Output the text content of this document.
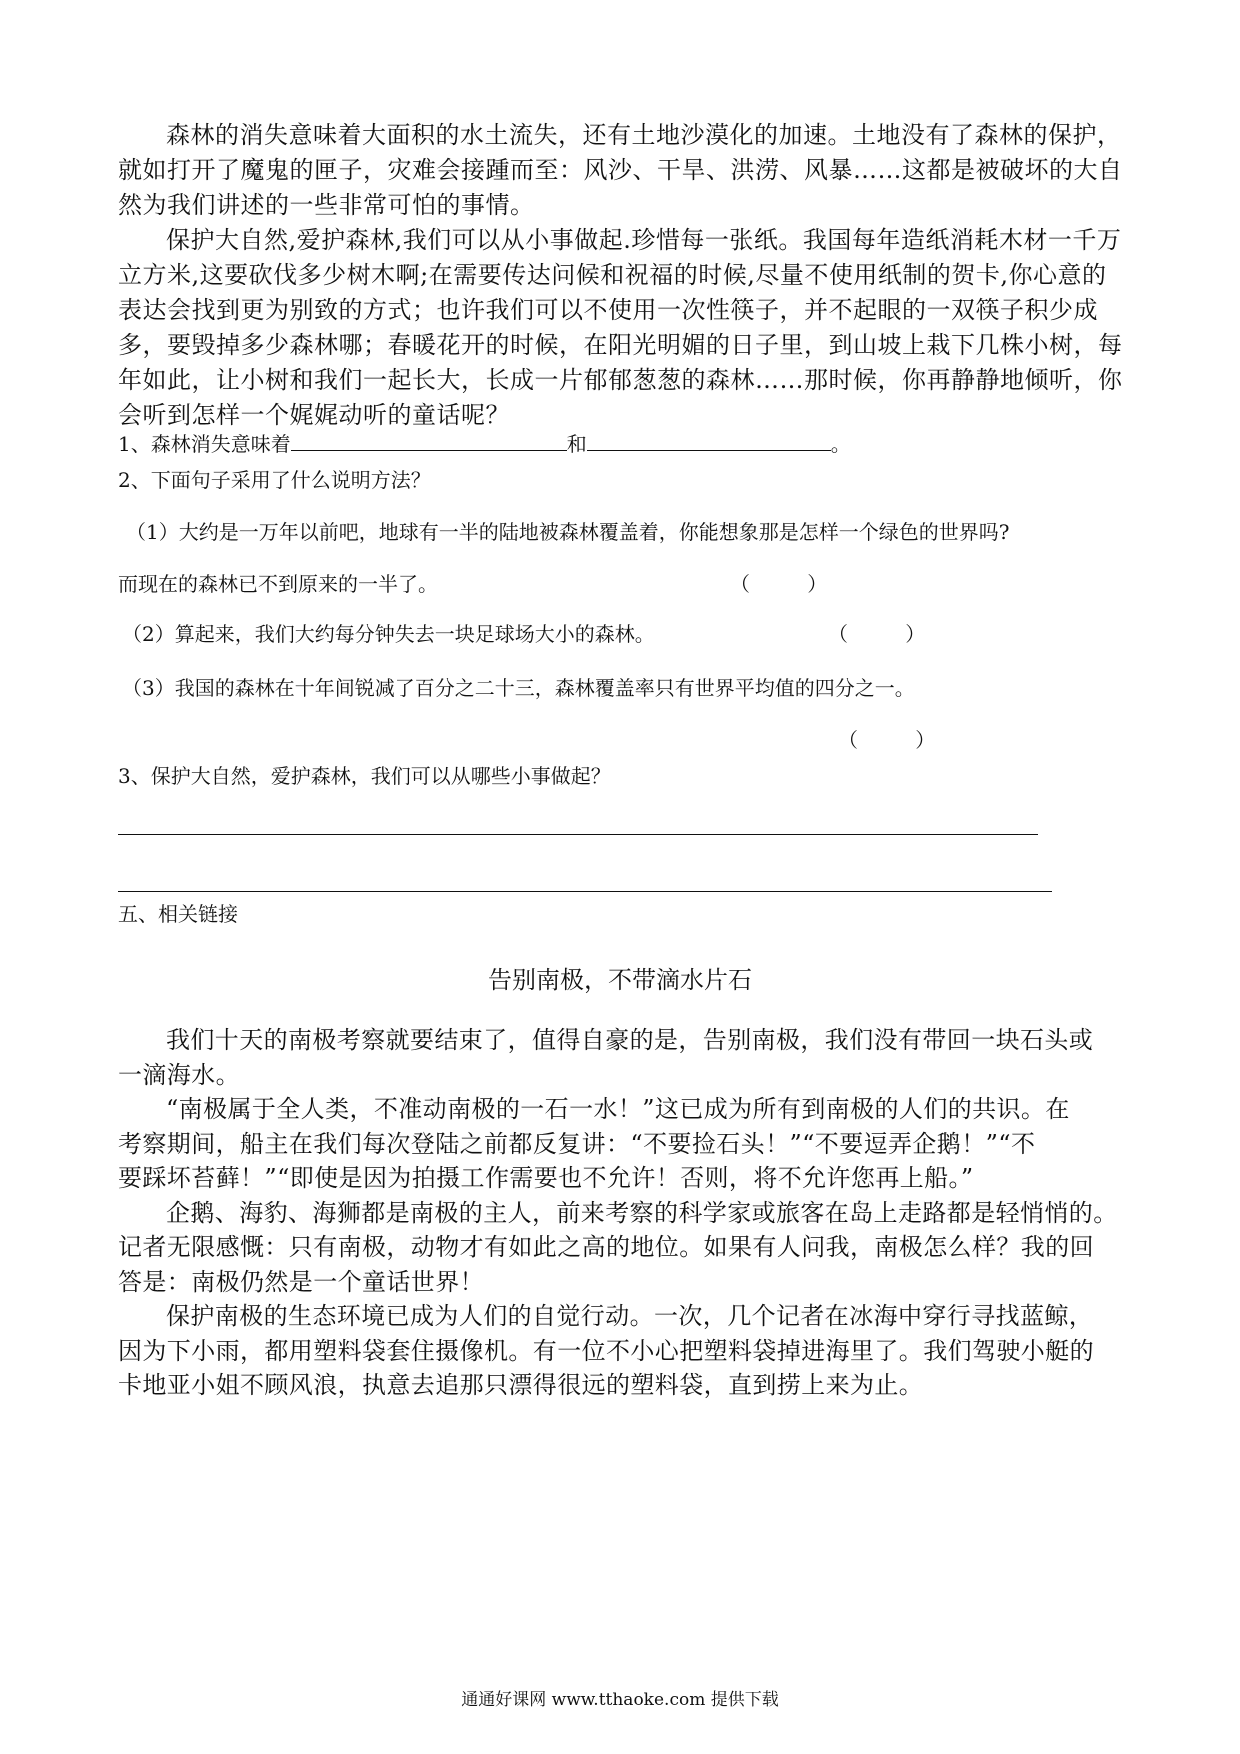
森林的消失意味着大面积的水土流失，还有土地沙漠化的加速。土地没有了森林的保护，就如打开了魔鬼的匣子，灾难会接踵而至：风沙、干旱、洪涝、风暴……这都是被破坏的大自然为我们讲述的一些非常可怕的事情。

保护大自然,爱护森林,我们可以从小事做起.珍惜每一张纸。我国每年造纸消耗木材一千万立方米,这要砍伐多少树木啊;在需要传达问候和祝福的时候,尽量不使用纸制的贺卡,你心意的表达会找到更为别致的方式；也许我们可以不使用一次性筷子，并不起眼的一双筷子积少成多，要毁掉多少森林哪；春暖花开的时候，在阳光明媚的日子里，到山坡上栽下几株小树，每年如此，让小树和我们一起长大，长成一片郁郁葱葱的森林……那时候，你再静静地倾听，你会听到怎样一个娓娓动听的童话呢？

1、森林消失意味着	和	。
2、下面句子采用了什么说明方法？
（1）大约是一万年以前吧，地球有一半的陆地被森林覆盖着，你能想象那是怎样一个绿色的世界吗?
而现在的森林已不到原来的一半了。	（         ）
（2）算起来，我们大约每分钟失去一块足球场大小的森林。	（         ）
（3）我国的森林在十年间锐减了百分之二十三，森林覆盖率只有世界平均值的四分之一。
（         ）
3、保护大自然，爱护森林，我们可以从哪些小事做起？
五、相关链接
告别南极，不带滴水片石
我们十天的南极考察就要结束了，值得自豪的是，告别南极，我们没有带回一块石头或
一滴海水。
“南极属于全人类，不准动南极的一石一水！”这已成为所有到南极的人们的共识。在
考察期间，船主在我们每次登陆之前都反复讲：“不要捡石头！”“不要逗弄企鹅！”“不
要踩坏苔藓！”“即使是因为拍摄工作需要也不允许！否则，将不允许您再上船。”
企鹅、海豹、海狮都是南极的主人，前来考察的科学家或旅客在岛上走路都是轻悄悄的。
记者无限感慨：只有南极，动物才有如此之高的地位。如果有人问我，南极怎么样？我的回
答是：南极仍然是一个童话世界！
保护南极的生态环境已成为人们的自觉行动。一次，几个记者在冰海中穿行寻找蓝鲸，
因为下小雨，都用塑料袋套住摄像机。有一位不小心把塑料袋掉进海里了。我们驾驶小艇的
卡地亚小姐不顾风浪，执意去追那只漂得很远的塑料袋，直到捞上来为止。
通通好课网 www.tthaoke.com 提供下载
